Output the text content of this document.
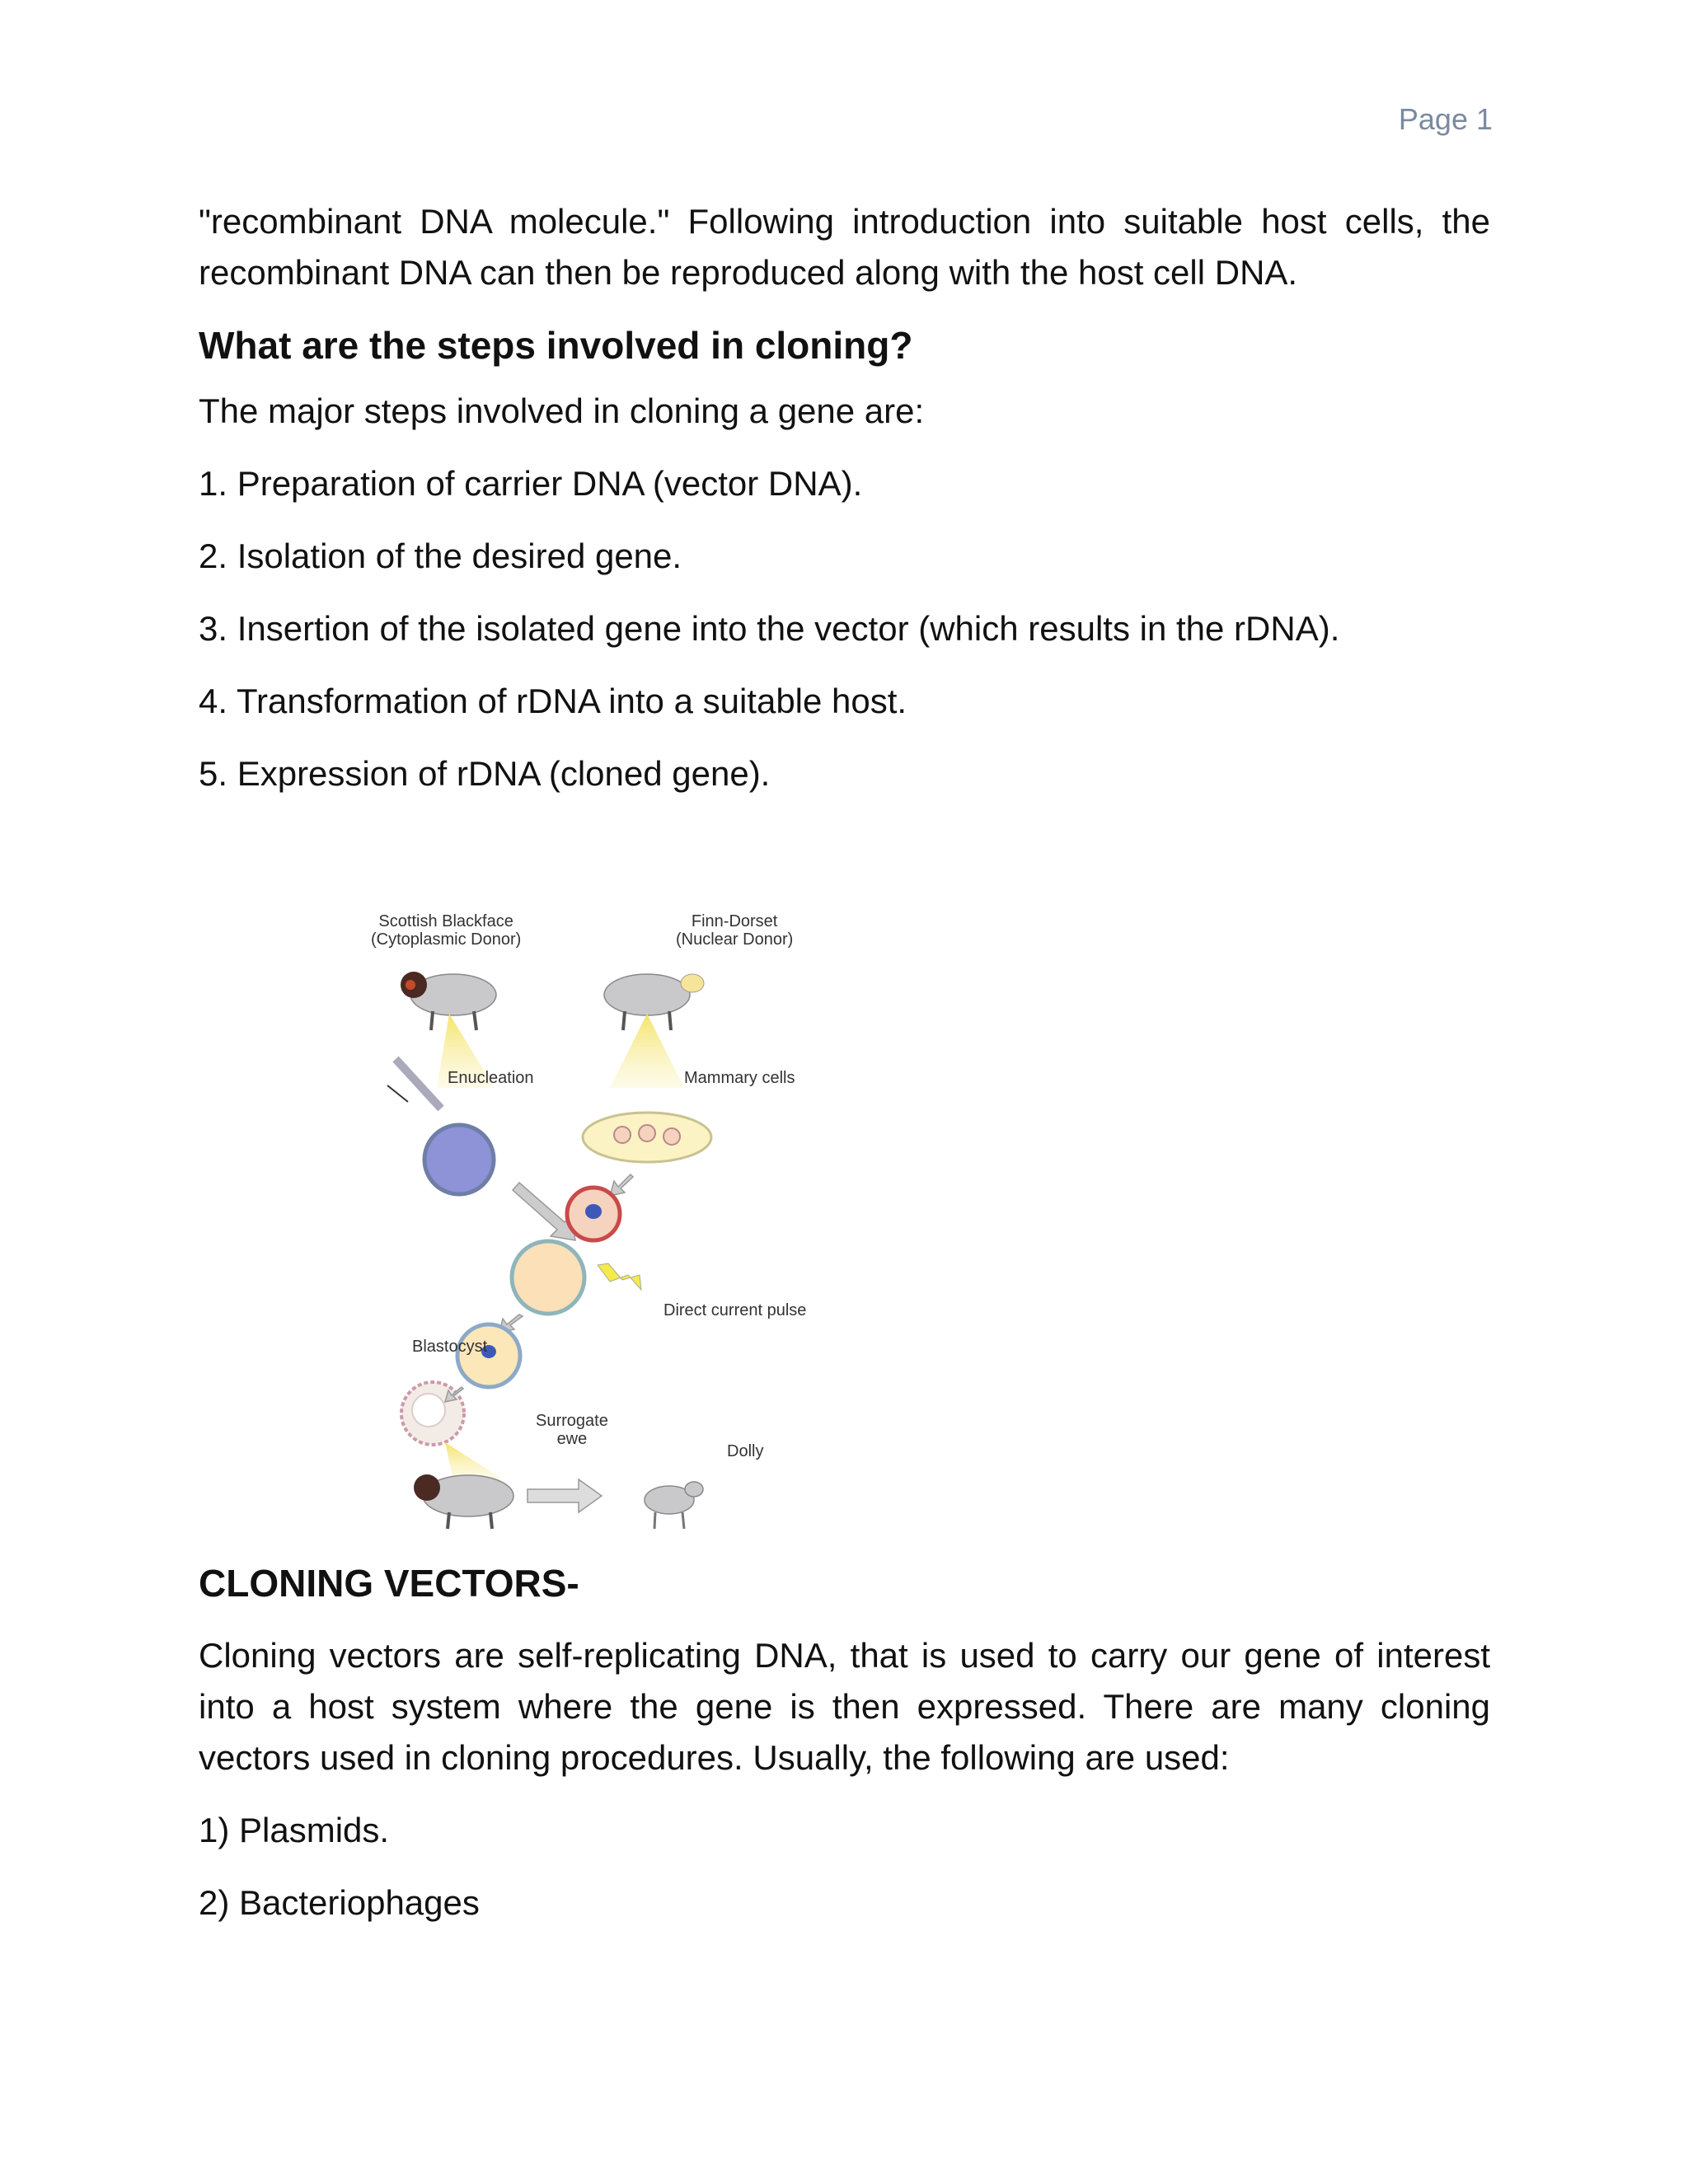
Page 1

"recombinant DNA molecule." Following introduction into suitable host cells, the recombinant DNA can then be reproduced along with the host cell DNA.

What are the steps involved in cloning?

The major steps involved in cloning a gene are:

1. Preparation of carrier DNA (vector DNA).

2. Isolation of the desired gene.

3. Insertion of the isolated gene into the vector (which results in the rDNA).

4. Transformation of rDNA into a suitable host.

5. Expression of rDNA (cloned gene).

Scottish Blackface
(Cytoplasmic Donor)
Finn-Dorset
(Nuclear Donor)
Enucleation	Mammary cells
Direct current pulse
Blastocyst
Surrogate
ewe
Dolly

CLONING VECTORS-

Cloning vectors are self-replicating DNA, that is used to carry our gene of interest into a host system where the gene is then expressed. There are many cloning vectors used in cloning procedures. Usually, the following are used:

1) Plasmids.

2) Bacteriophages
